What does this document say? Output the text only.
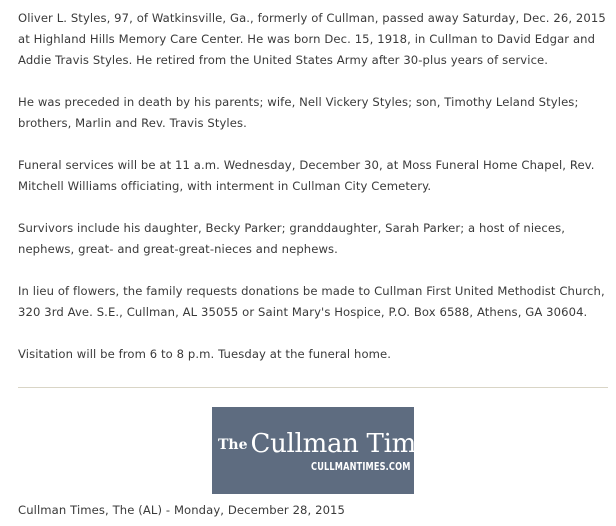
Oliver L. Styles, 97, of Watkinsville, Ga., formerly of Cullman, passed away Saturday, Dec. 26, 2015 at Highland Hills Memory Care Center. He was born Dec. 15, 1918, in Cullman to David Edgar and Addie Travis Styles. He retired from the United States Army after 30-plus years of service.

He was preceded in death by his parents; wife, Nell Vickery Styles; son, Timothy Leland Styles; brothers, Marlin and Rev. Travis Styles.

Funeral services will be at 11 a.m. Wednesday, December 30, at Moss Funeral Home Chapel, Rev. Mitchell Williams officiating, with interment in Cullman City Cemetery.

Survivors include his daughter, Becky Parker; granddaughter, Sarah Parker; a host of nieces, nephews, great- and great-great-nieces and nephews.

In lieu of flowers, the family requests donations be made to Cullman First United Methodist Church, 320 3rd Ave. S.E., Cullman, AL 35055 or Saint Mary's Hospice, P.O. Box 6588, Athens, GA 30604.

Visitation will be from 6 to 8 p.m. Tuesday at the funeral home.

The Cullman Times
CULLMANTIMES.COM
Cullman Times, The (AL) - Monday, December 28, 2015
